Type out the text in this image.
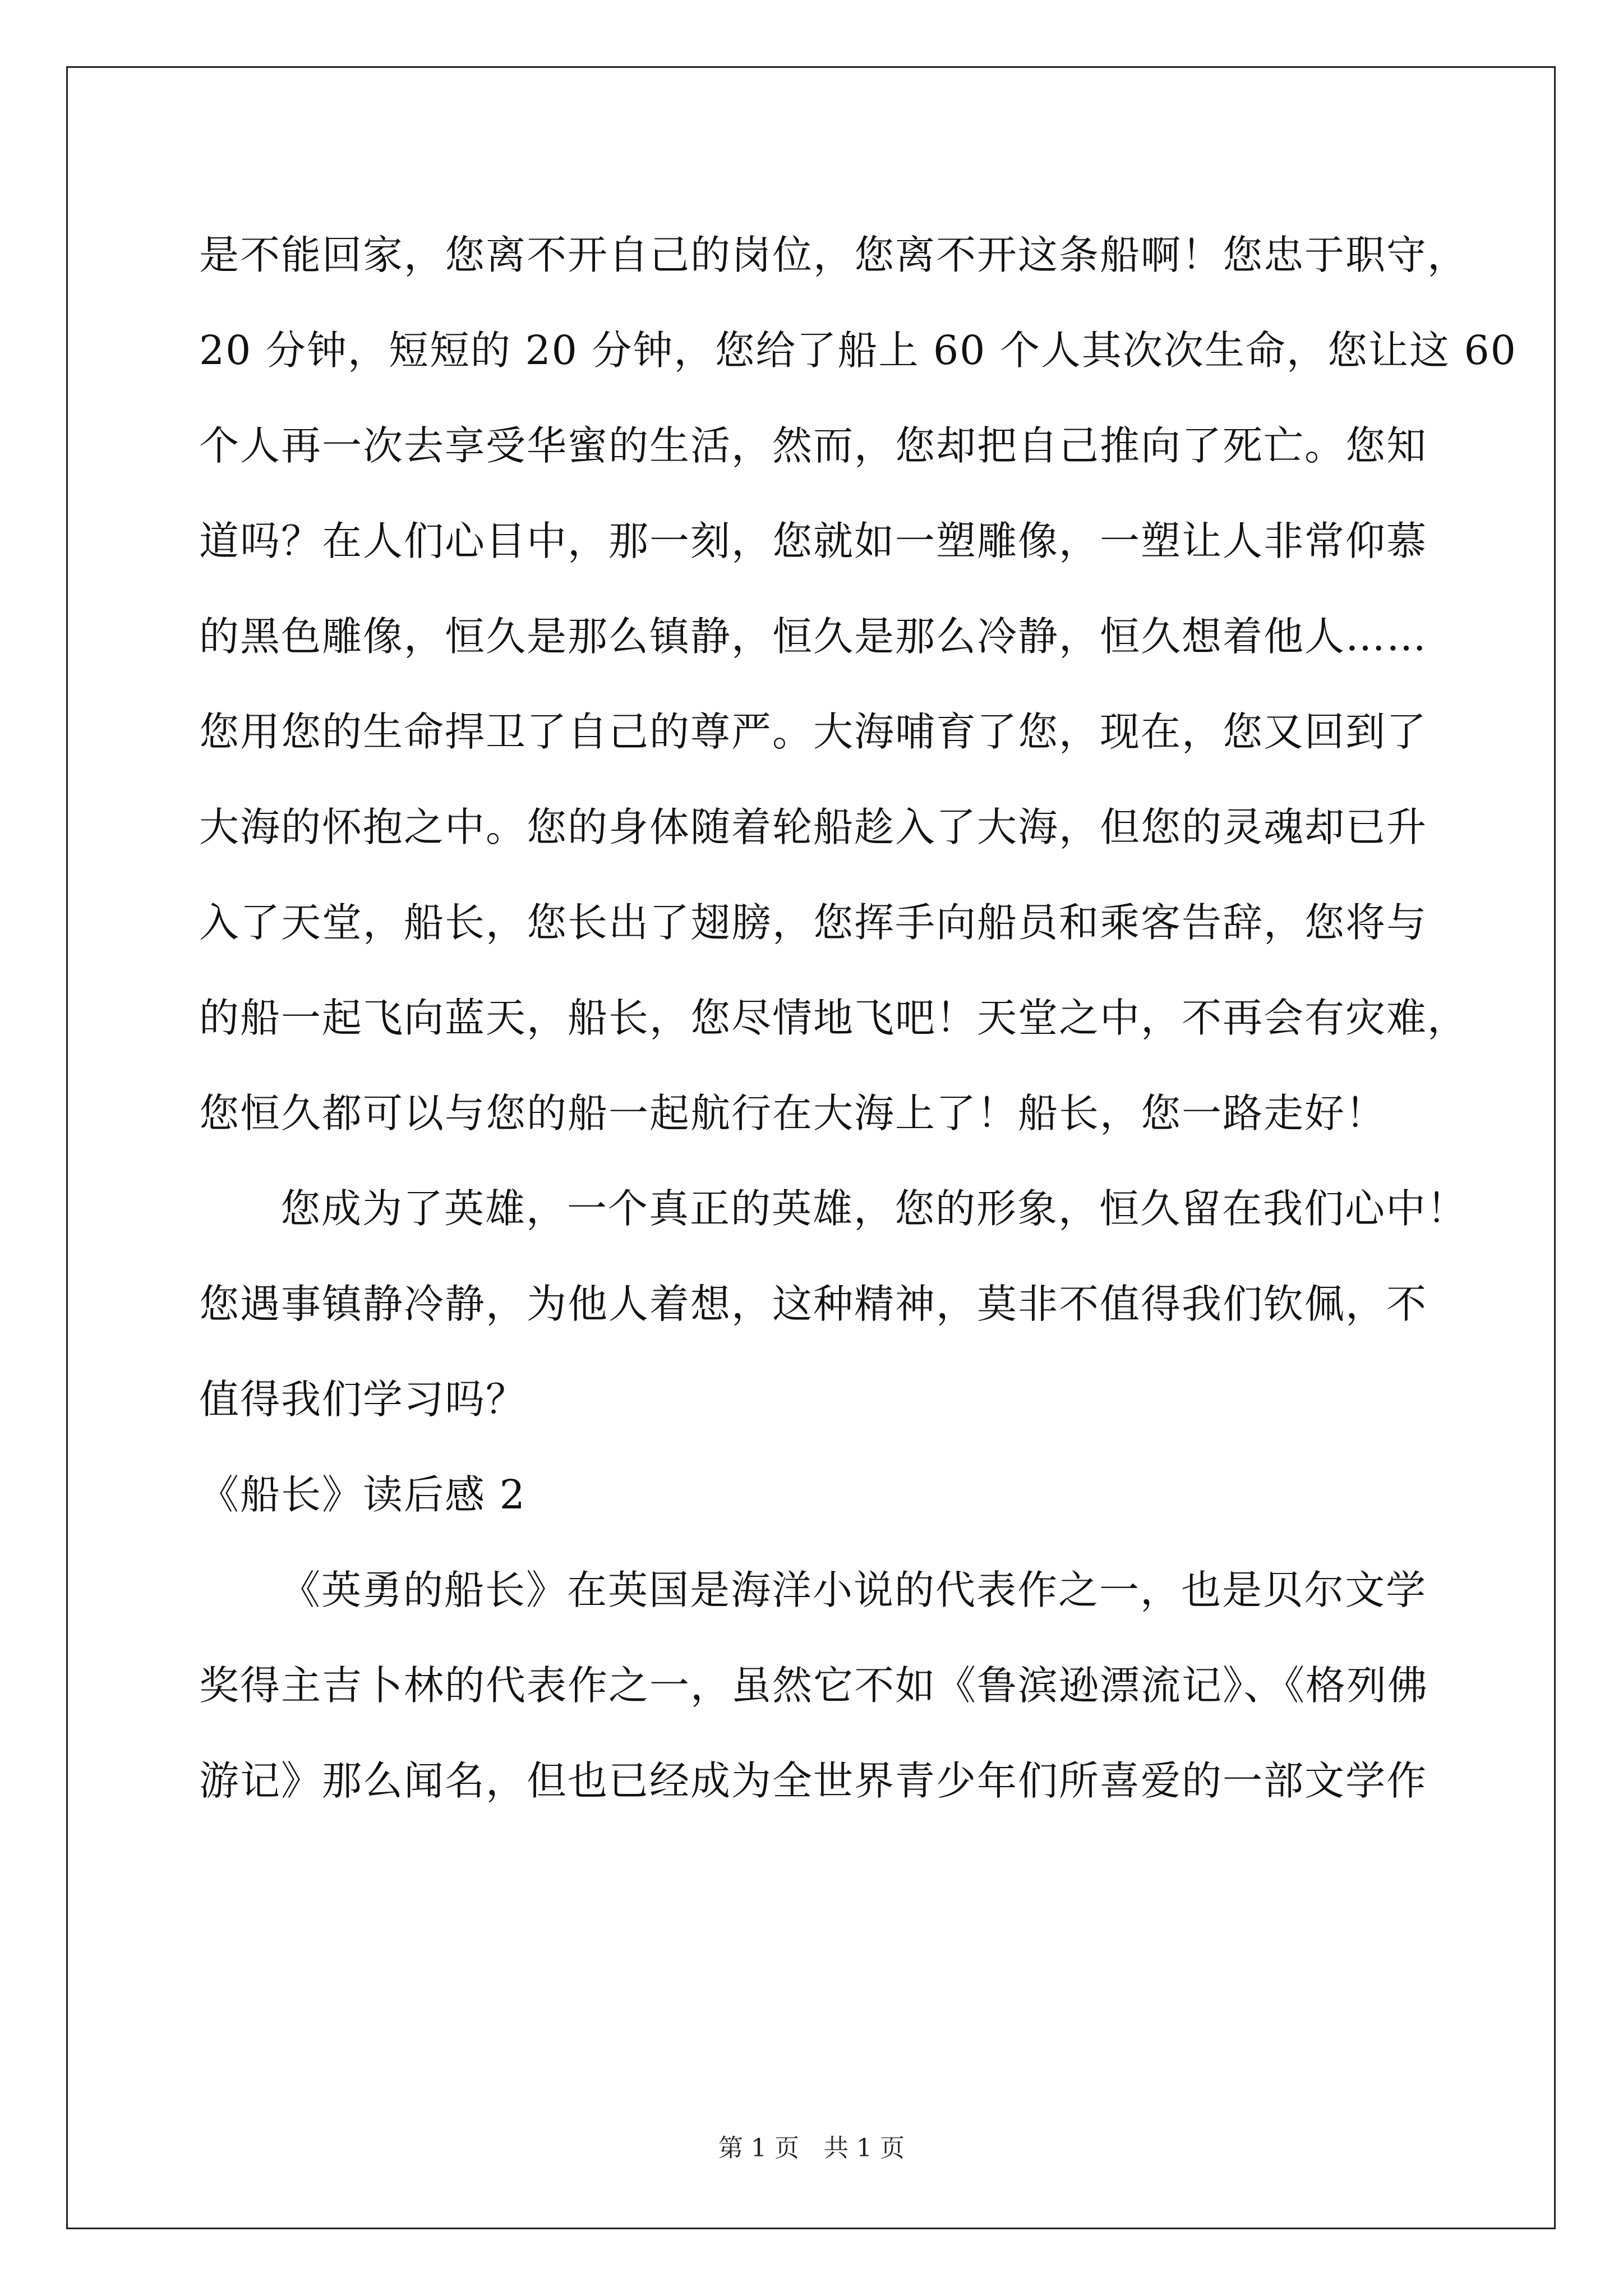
是不能回家，您离不开自己的岗位，您离不开这条船啊！您忠于职守，
20 分钟，短短的 20 分钟，您给了船上 60 个人其次次生命，您让这 60
个人再一次去享受华蜜的生活，然而，您却把自己推向了死亡。您知
道吗？在人们心目中，那一刻，您就如一塑雕像，一塑让人非常仰慕
的黑色雕像，恒久是那么镇静，恒久是那么冷静，恒久想着他人……
您用您的生命捍卫了自己的尊严。大海哺育了您，现在，您又回到了
大海的怀抱之中。您的身体随着轮船趁入了大海，但您的灵魂却已升
入了天堂，船长，您长出了翅膀，您挥手向船员和乘客告辞，您将与
的船一起飞向蓝天，船长，您尽情地飞吧！天堂之中，不再会有灾难，
您恒久都可以与您的船一起航行在大海上了！船长，您一路走好！
您成为了英雄，一个真正的英雄，您的形象，恒久留在我们心中！
您遇事镇静冷静，为他人着想，这种精神，莫非不值得我们钦佩，不
值得我们学习吗？
《船长》读后感 2
《英勇的船长》在英国是海洋小说的代表作之一，也是贝尔文学
奖得主吉卜林的代表作之一，虽然它不如《鲁滨逊漂流记》、《格列佛
游记》那么闻名，但也已经成为全世界青少年们所喜爱的一部文学作
第 1 页　共 1 页
